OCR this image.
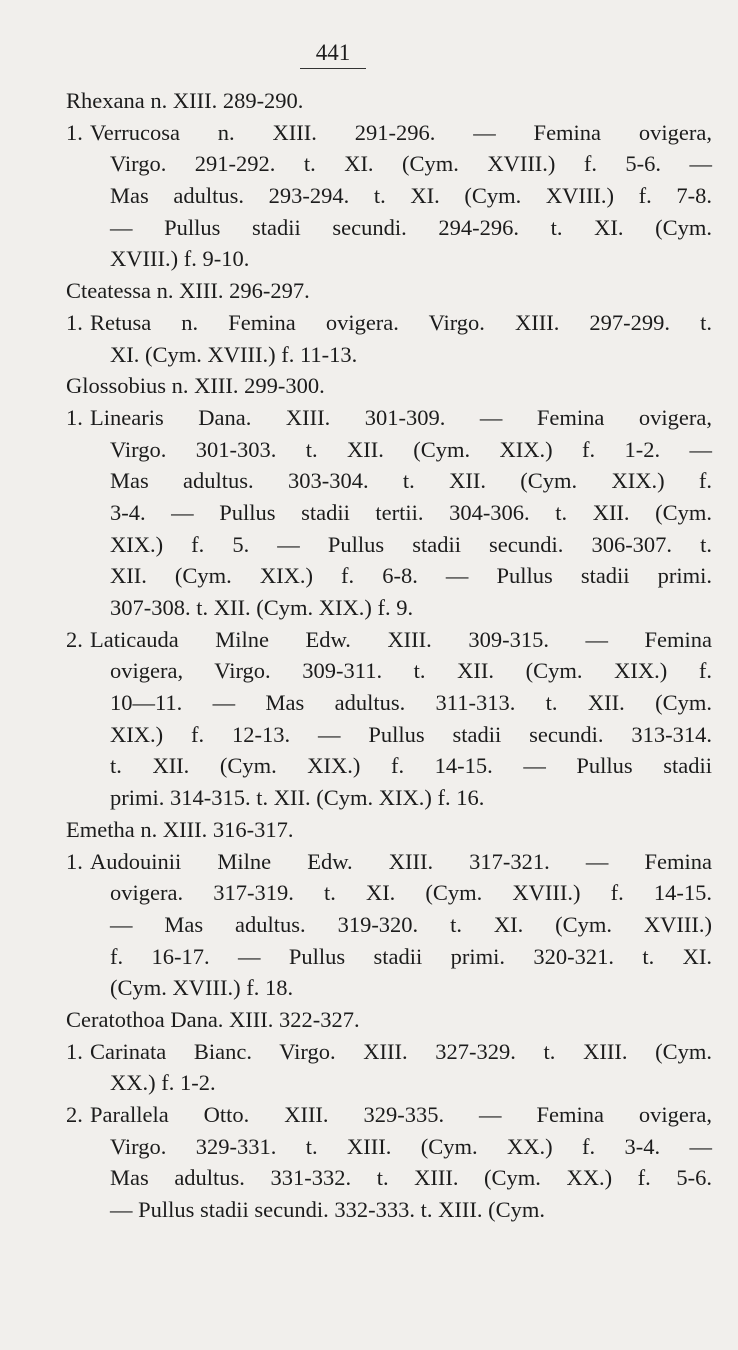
441
Rhexana n. XIII. 289-290.
1. Verrucosa n. XIII. 291-296. — Femina ovigera,
Virgo. 291-292. t. XI. (Cym. XVIII.) f. 5-6. —
Mas adultus. 293-294. t. XI. (Cym. XVIII.) f. 7-8.
— Pullus stadii secundi. 294-296. t. XI. (Cym.
XVIII.) f. 9-10.
Cteatessa n. XIII. 296-297.
1. Retusa n. Femina ovigera. Virgo. XIII. 297-299. t.
XI. (Cym. XVIII.) f. 11-13.
Glossobius n. XIII. 299-300.
1. Linearis Dana. XIII. 301-309. — Femina ovigera,
Virgo. 301-303. t. XII. (Cym. XIX.) f. 1-2. —
Mas adultus. 303-304. t. XII. (Cym. XIX.) f.
3-4. — Pullus stadii tertii. 304-306. t. XII. (Cym.
XIX.) f. 5. — Pullus stadii secundi. 306-307. t.
XII. (Cym. XIX.) f. 6-8. — Pullus stadii primi.
307-308. t. XII. (Cym. XIX.) f. 9.
2. Laticauda Milne Edw. XIII. 309-315. — Femina
ovigera, Virgo. 309-311. t. XII. (Cym. XIX.) f.
10—11. — Mas adultus. 311-313. t. XII. (Cym.
XIX.) f. 12-13. — Pullus stadii secundi. 313-314.
t. XII. (Cym. XIX.) f. 14-15. — Pullus stadii
primi. 314-315. t. XII. (Cym. XIX.) f. 16.
Emetha n. XIII. 316-317.
1. Audouinii Milne Edw. XIII. 317-321. — Femina
ovigera. 317-319. t. XI. (Cym. XVIII.) f. 14-15.
— Mas adultus. 319-320. t. XI. (Cym. XVIII.)
f. 16-17. — Pullus stadii primi. 320-321. t. XI.
(Cym. XVIII.) f. 18.
Ceratothoa Dana. XIII. 322-327.
1. Carinata Bianc. Virgo. XIII. 327-329. t. XIII. (Cym.
XX.) f. 1-2.
2. Parallela Otto. XIII. 329-335. — Femina ovigera,
Virgo. 329-331. t. XIII. (Cym. XX.) f. 3-4. —
Mas adultus. 331-332. t. XIII. (Cym. XX.) f. 5-6.
— Pullus stadii secundi. 332-333. t. XIII. (Cym.
